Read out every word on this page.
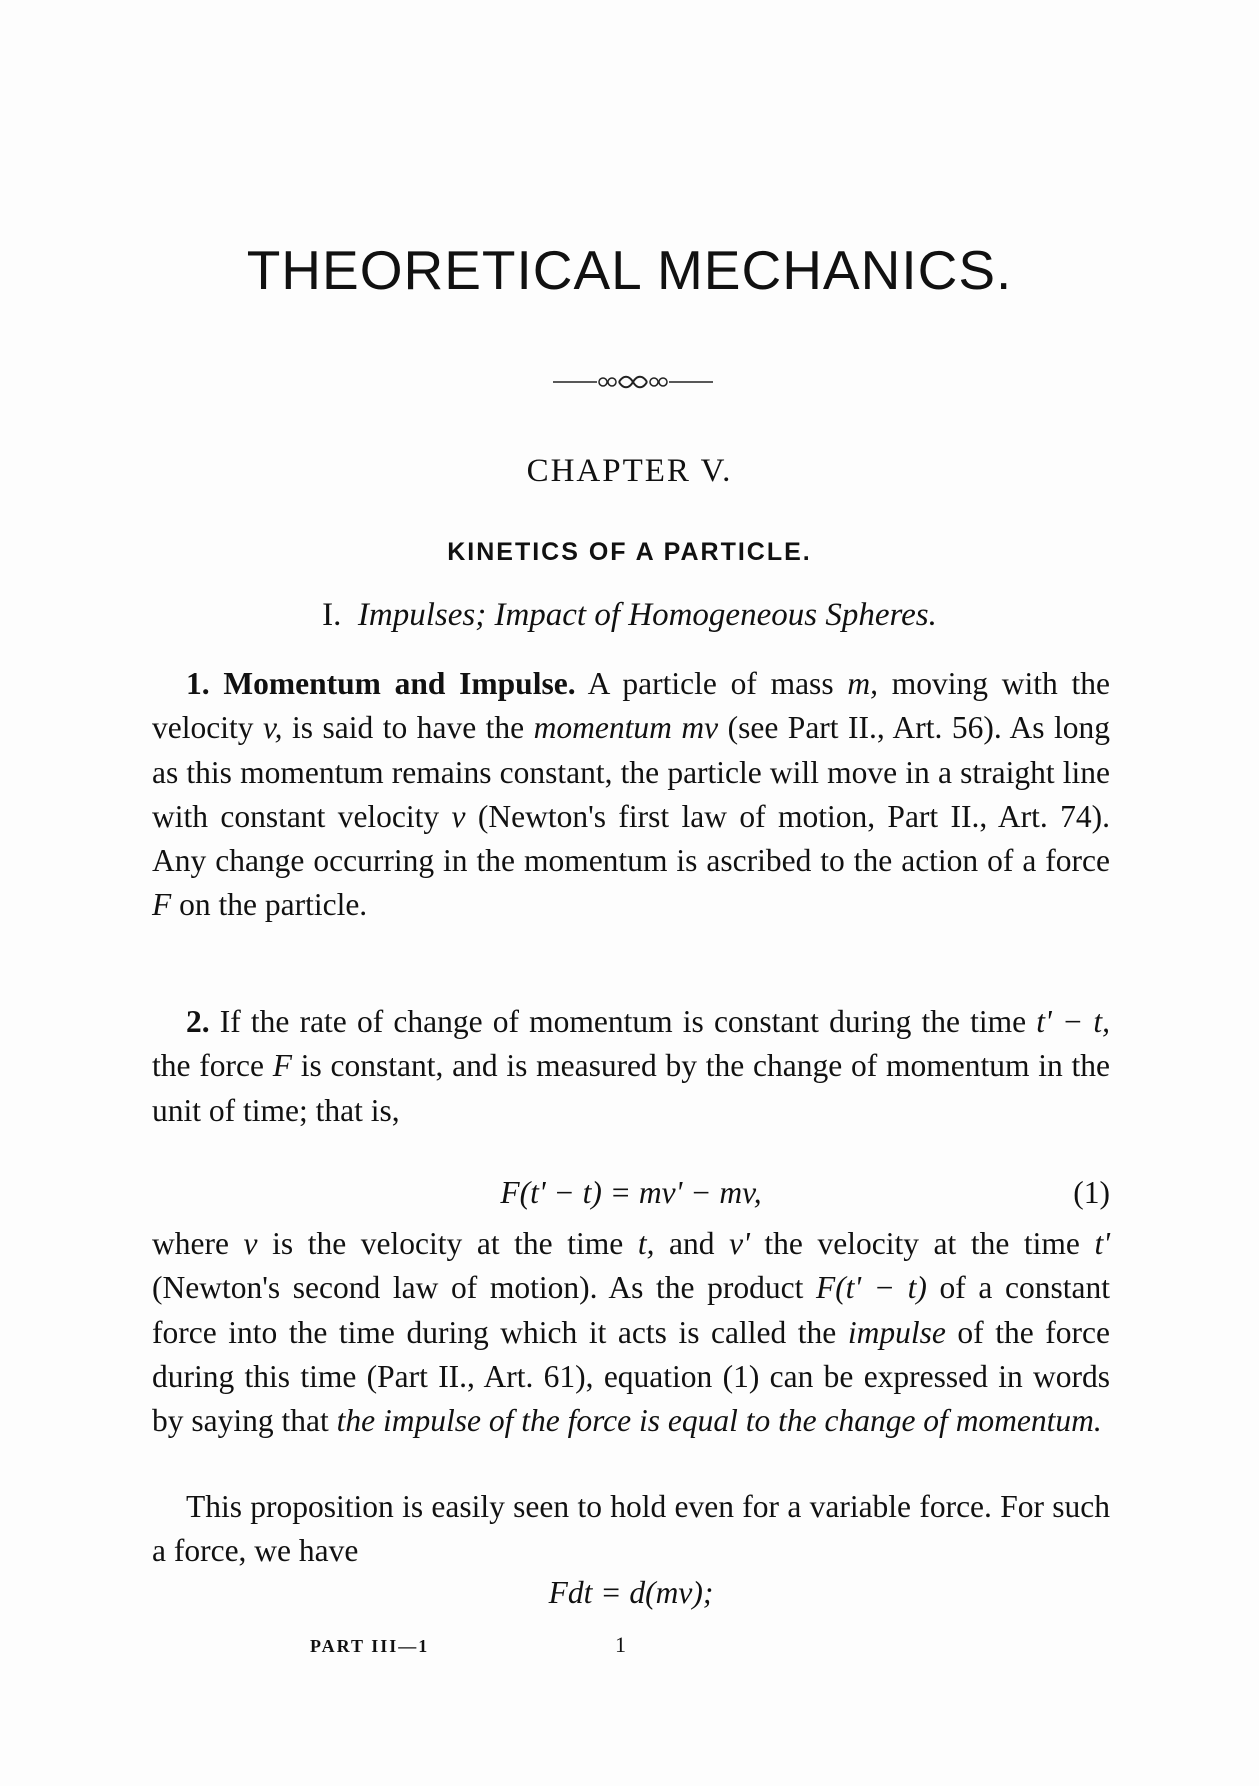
THEORETICAL MECHANICS.
CHAPTER V.
KINETICS OF A PARTICLE.
I. Impulses; Impact of Homogeneous Spheres.

1. Momentum and Impulse. A particle of mass m, moving with the velocity v, is said to have the momentum mv (see Part II., Art. 56). As long as this momentum remains constant, the particle will move in a straight line with constant velocity v (Newton's first law of motion, Part II., Art. 74). Any change occurring in the momentum is ascribed to the action of a force F on the particle.

2. If the rate of change of momentum is constant during the time t' − t, the force F is constant, and is measured by the change of momentum in the unit of time; that is,

F(t' − t) = mv' − mv,	(1)

where v is the velocity at the time t, and v' the velocity at the time t' (Newton's second law of motion). As the product F(t' − t) of a constant force into the time during which it acts is called the impulse of the force during this time (Part II., Art. 61), equation (1) can be expressed in words by saying that the impulse of the force is equal to the change of momentum.

This proposition is easily seen to hold even for a variable force. For such a force, we have

Fdt = d(mv);
PART III—1	1
